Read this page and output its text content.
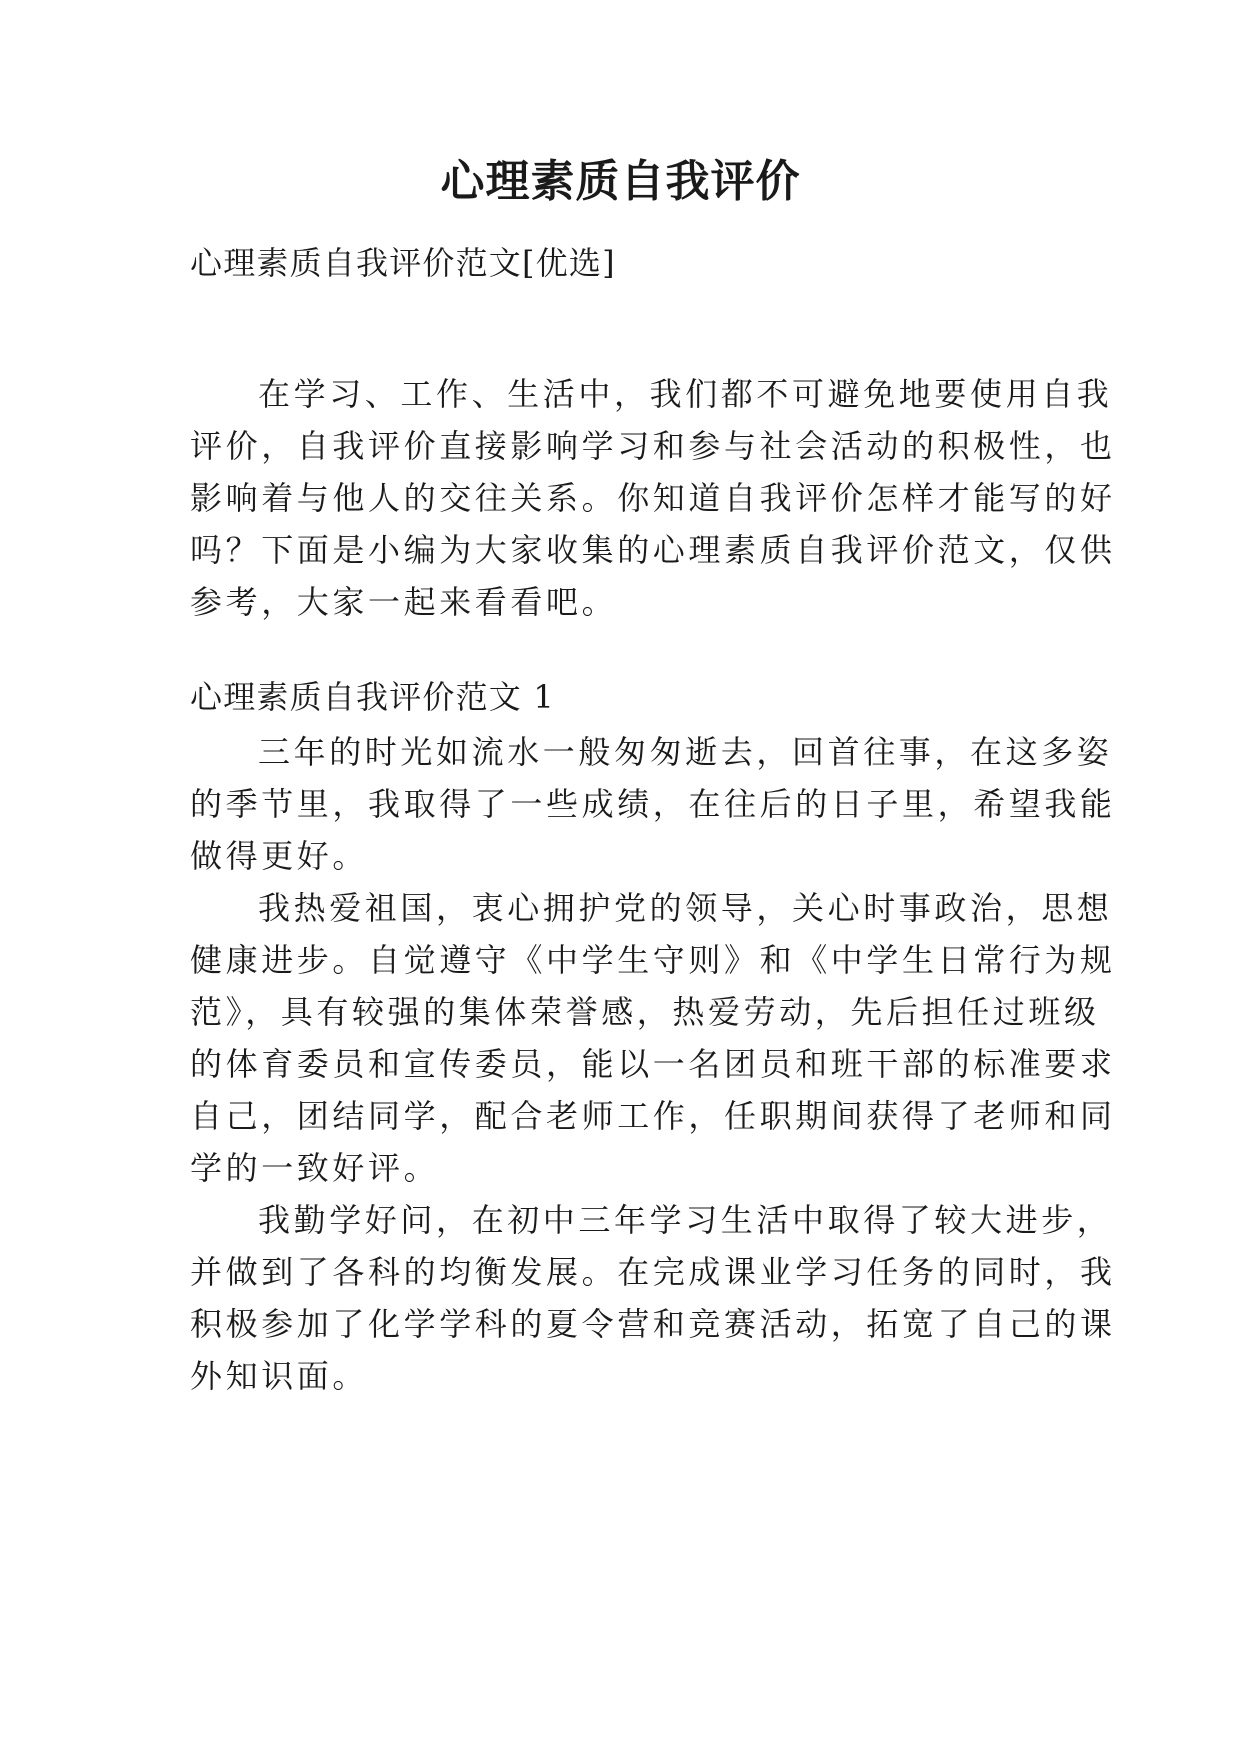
心理素质自我评价
心理素质自我评价范文[优选]
在学习、工作、生活中，我们都不可避免地要使用自我
评价，自我评价直接影响学习和参与社会活动的积极性，也
影响着与他人的交往关系。你知道自我评价怎样才能写的好
吗？下面是小编为大家收集的心理素质自我评价范文，仅供
参考，大家一起来看看吧。
心理素质自我评价范文 1
三年的时光如流水一般匆匆逝去，回首往事，在这多姿
的季节里，我取得了一些成绩，在往后的日子里，希望我能
做得更好。
我热爱祖国，衷心拥护党的领导，关心时事政治，思想
健康进步。自觉遵守《中学生守则》和《中学生日常行为规
范》，具有较强的集体荣誉感，热爱劳动，先后担任过班级
的体育委员和宣传委员，能以一名团员和班干部的标准要求
自己，团结同学，配合老师工作，任职期间获得了老师和同
学的一致好评。
我勤学好问，在初中三年学习生活中取得了较大进步，
并做到了各科的均衡发展。在完成课业学习任务的同时，我
积极参加了化学学科的夏令营和竞赛活动，拓宽了自己的课
外知识面。
